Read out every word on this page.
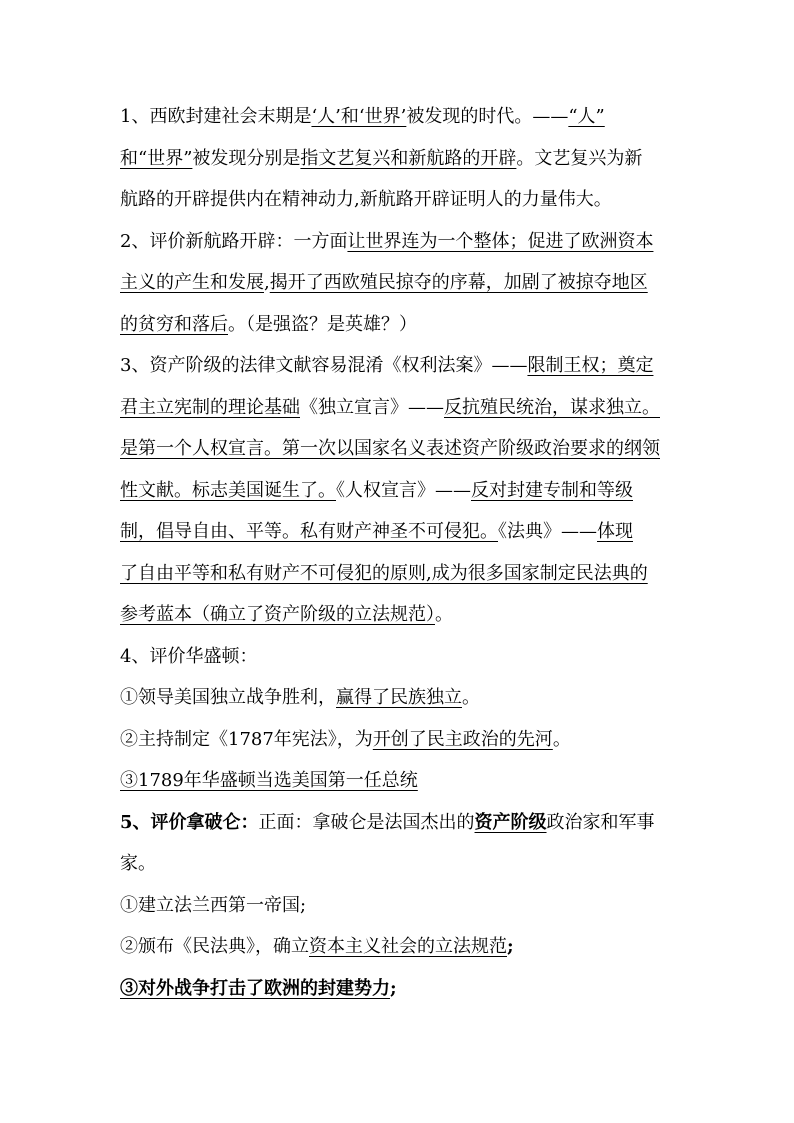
1、西欧封建社会末期是‘人’和‘世界’被发现的时代。——“人”
和“世界”被发现分别是指文艺复兴和新航路的开辟。文艺复兴为新
航路的开辟提供内在精神动力,新航路开辟证明人的力量伟大。
2、评价新航路开辟：一方面让世界连为一个整体；促进了欧洲资本
主义的产生和发展,揭开了西欧殖民掠夺的序幕，加剧了被掠夺地区
的贫穷和落后。（是强盗？是英雄？）
3、资产阶级的法律文献容易混淆《权利法案》——限制王权；奠定
君主立宪制的理论基础《独立宣言》——反抗殖民统治，谋求独立。
是第一个人权宣言。第一次以国家名义表述资产阶级政治要求的纲领
性文献。标志美国诞生了。《人权宣言》——反对封建专制和等级
制，倡导自由、平等。私有财产神圣不可侵犯。《法典》——体现
了自由平等和私有财产不可侵犯的原则,成为很多国家制定民法典的
参考蓝本（确立了资产阶级的立法规范）。
4、评价华盛顿：
①领导美国独立战争胜利，赢得了民族独立。
②主持制定《1787年宪法》，为开创了民主政治的先河。
③1789年华盛顿当选美国第一任总统
5、评价拿破仑：正面：拿破仑是法国杰出的资产阶级政治家和军事
家。
①建立法兰西第一帝国;
②颁布《民法典》，确立资本主义社会的立法规范;
③对外战争打击了欧洲的封建势力;
